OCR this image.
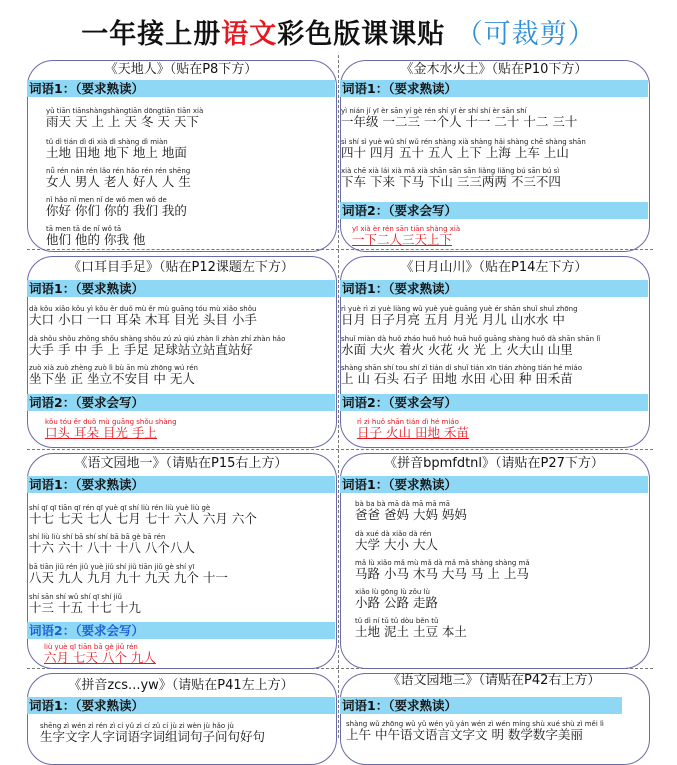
一年接上册语文彩色版课课贴 （可裁剪）
《天地人》（贴在P8下方）
词语1：（要求熟读）
yǔ tiān tiānshàngshàngtiān dōngtiān tiān xià
雨天 天 上 上 天 冬 天 天下
tǔ dì tián dì dì xià dì shàng dì miàn
土地 田地 地下 地上 地面
nǚ rén nán rén lǎo rén hǎo rén rén shēng
女人 男人 老人 好人 人 生
nǐ hǎo nǐ men nǐ de wǒ men wǒ de
你好 你们 你的 我们 我的
tā men tā de nǐ wǒ tā
他们 他的 你我 他
《金木水火土》（贴在P10下方）
词语1：（要求熟读）
yì nián jí yī èr sān yí gè rén shí yī èr shí shí èr sān shí
一年级 一二三 一个人 十一 二十 十二 三十
sì shí sì yuè wǔ shí wǔ rén shàng xià shàng hǎi shàng chē shàng shān
四十 四月 五十 五人 上下 上海 上车 上山
xià chē xià lái xià mǎ xià shān sān sān liǎng liǎng bú sān bú sì
下车 下来 下马 下山 三三两两 不三不四
词语2：（要求会写）
yī xià èr rén sān tiān shàng xià
一下二人三天上下
《口耳目手足》（贴在P12课题左下方）
词语1：（要求熟读）
dà kǒu xiǎo kǒu yì kǒu ěr duǒ mù ěr mù guāng tóu mù xiǎo shǒu
大口 小口 一口 耳朵 木耳 目光 头目 小手
dà shǒu shǒu zhǒng shǒu shàng shǒu zú zú qiú zhàn lì zhàn zhí zhàn hǎo
大手 手 中 手 上 手足 足球站立站直站好
zuò xià zuò zhèng zuò lì bù ān mù zhōng wú rén
坐下坐 正 坐立不安目 中 无人
词语2：（要求会写）
kǒu tóu ěr duǒ mù guāng shǒu shàng
口头 耳朵 目光 手上
《日月山川》（贴在P14左下方）
词语1：（要求熟读）
rì yuè rì zi yuè liàng wǔ yuè yuè guāng yuè ér shān shuǐ shuǐ zhōng
日月 日子月亮 五月 月光 月儿 山水水 中
shuǐ miàn dà huǒ zháo huǒ huǒ huā huǒ guāng shàng huǒ dà shān shān lǐ
水面 大火 着火 火花 火 光 上 火大山 山里
shàng shān shí tou shí zǐ tián dì shuǐ tián xīn tián zhòng tián hé miáo
上 山 石头 石子 田地 水田 心田 种 田禾苗
词语2：（要求会写）
rì zi huǒ shān tián dì hé miáo
日子 火山 田地 禾苗
《语文园地一》（请贴在P15右上方）
词语1：（要求熟读）
shí qī qī tiān qī rén qī yuè qī shí liù rén liù yuè liù gè
十七 七天 七人 七月 七十 六人 六月 六个
shí liù liù shí bā shí shí bā bā gè bā rén
十六 六十 八十 十八 八个八人
bā tiān jiǔ rén jiǔ yuè jiǔ shí jiǔ tiān jiǔ gè shí yī
八天 九人 九月 九十 九天 九个 十一
shí sān shí wǔ shí qī shí jiǔ
十三 十五 十七 十九
词语2：（要求会写）
liù yuè qī tiān bā gè jiǔ rén
六月 七天 八个 九人
《拼音bpmfdtnl》（请贴在P27下方）
词语1：（要求熟读）
bà ba bà mā dà mā mā mā
爸爸 爸妈 大妈 妈妈
dà xué dà xiǎo dà rén
大学 大小 大人
mǎ lù xiǎo mǎ mù mǎ dà mǎ mǎ shàng shàng mǎ
马路 小马 木马 大马 马 上 上马
xiǎo lù gōng lù zǒu lù
小路 公路 走路
tǔ dì ní tǔ tǔ dòu běn tǔ
土地 泥土 土豆 本土
《拼音zcs...yw》（请贴在P41左上方）
词语1：（要求熟读）
shēng zì wén zì rén zì cí yǔ zì cí zǔ cí jù zi wèn jù hǎo jù
生字文字人字词语字词组词句子问句好句
《语文园地三》（请贴在P42右上方）
词语1：（要求熟读）
shàng wǔ zhōng wǔ yǔ wén yǔ yán wén zì wén míng shù xué shù zì měi lì
上午 中午语文语言文字文 明 数学数字美丽
